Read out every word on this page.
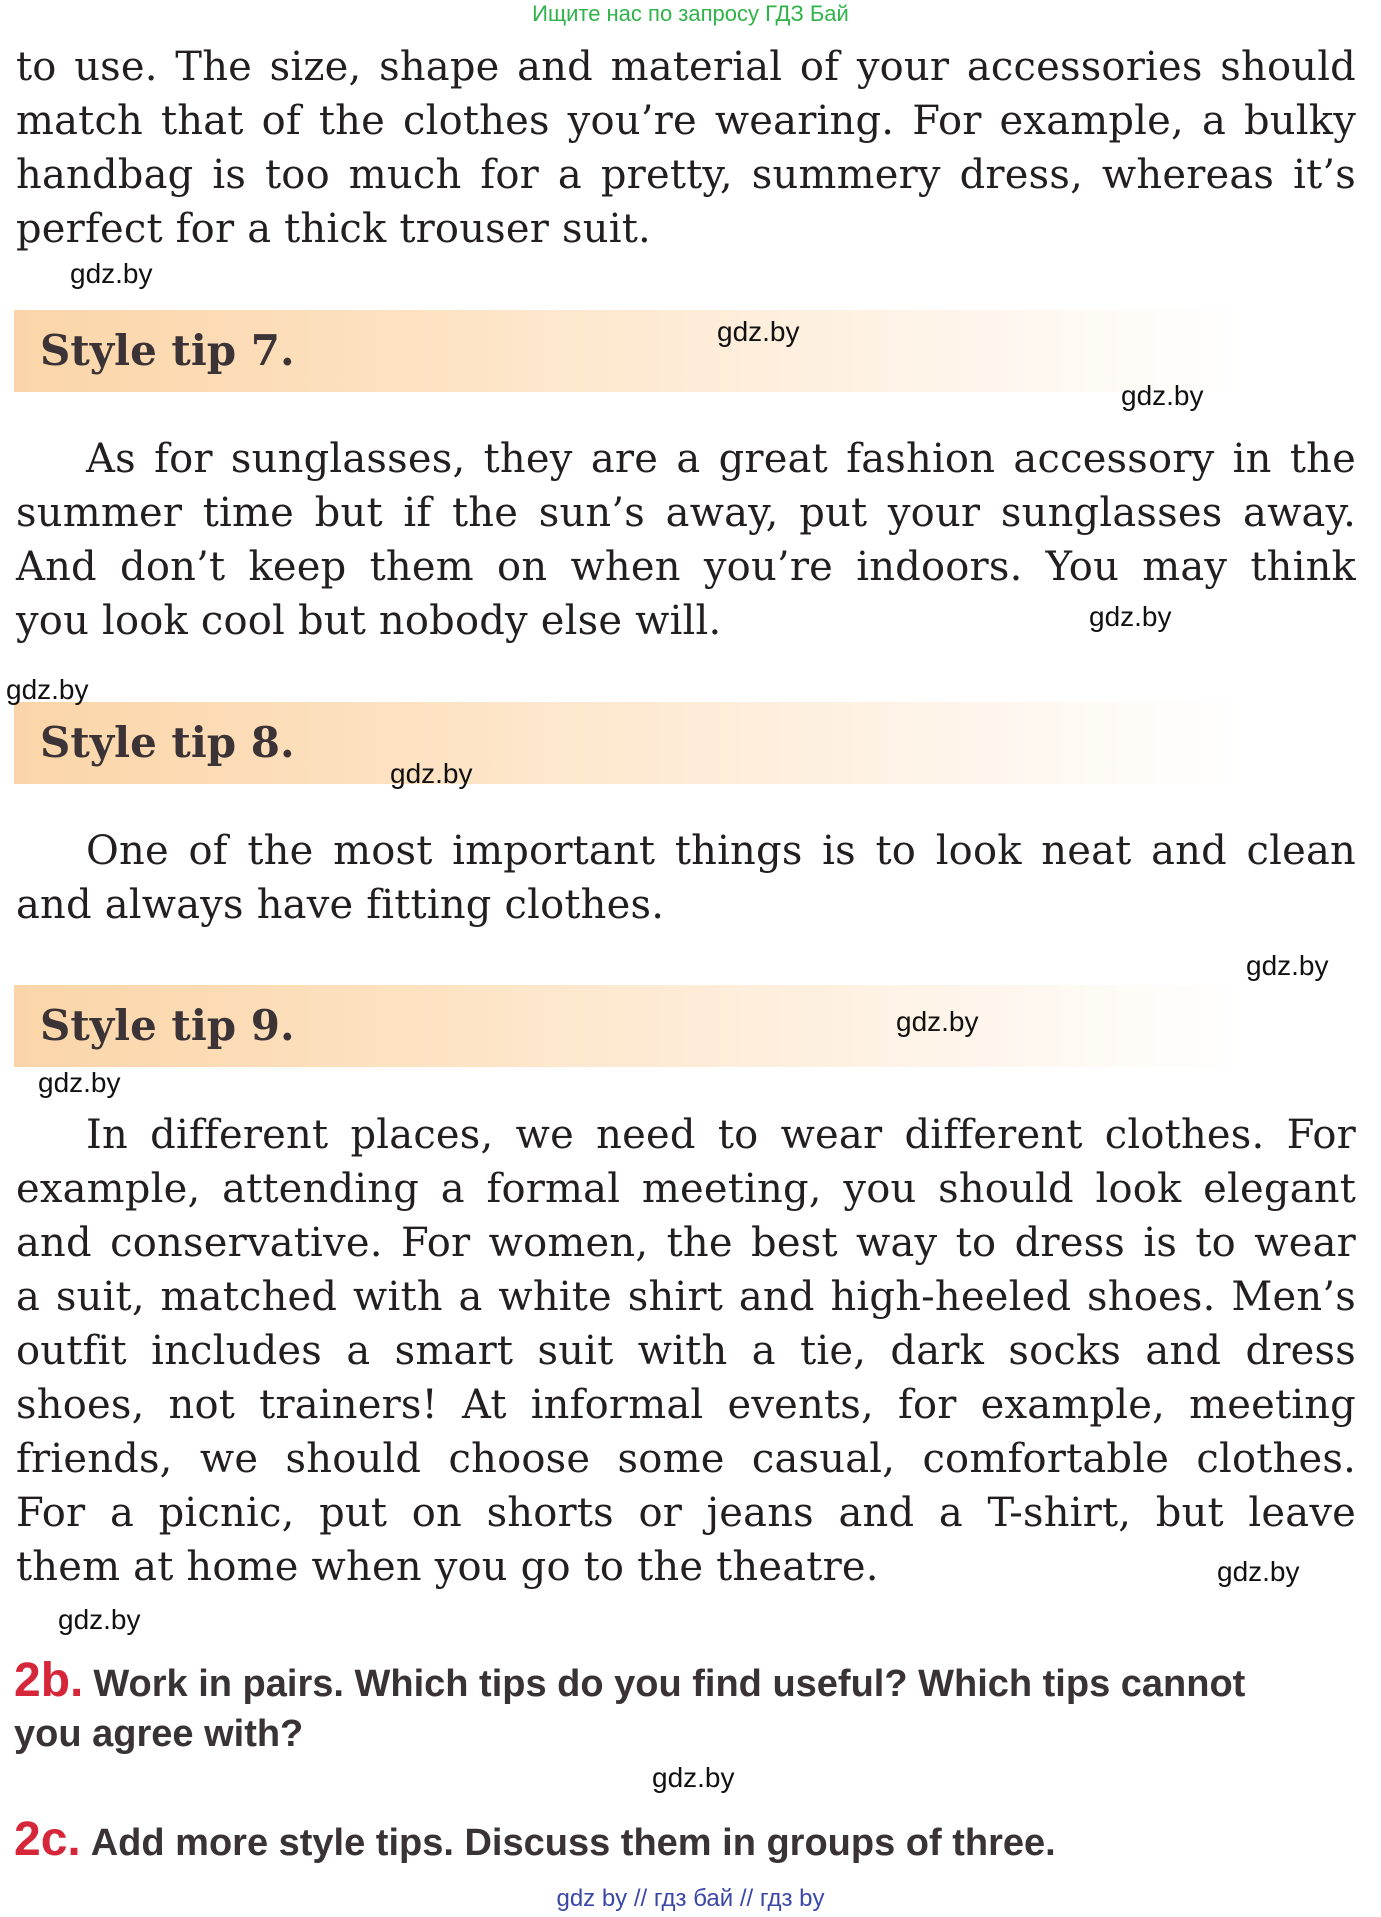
Ищите нас по запросу ГДЗ Бай
to use. The size, shape and material of your accessories should
match that of the clothes you’re wearing. For example, a bulky
handbag is too much for a pretty, summery dress, whereas it’s
perfect for a thick trouser suit.
Style tip 7.
As for sunglasses, they are a great fashion accessory in the
summer time but if the sun’s away, put your sunglasses away.
And don’t keep them on when you’re indoors. You may think
you look cool but nobody else will.
Style tip 8.
One of the most important things is to look neat and clean
and always have fitting clothes.
Style tip 9.
In different places, we need to wear different clothes. For
example, attending a formal meeting, you should look elegant
and conservative. For women, the best way to dress is to wear
a suit, matched with a white shirt and high-heeled shoes. Men’s
outfit includes a smart suit with a tie, dark socks and dress
shoes, not trainers! At informal events, for example, meeting
friends, we should choose some casual, comfortable clothes.
For a picnic, put on shorts or jeans and a T-shirt, but leave
them at home when you go to the theatre.
2b. Work in pairs. Which tips do you find useful? Which tips cannot
you agree with?
2c. Add more style tips. Discuss them in groups of three.
gdz.by
gdz.by
gdz.by
gdz.by
gdz.by
gdz.by
gdz.by
gdz.by
gdz.by
gdz.by
gdz.by
gdz.by
gdz by // гдз бай // гдз by
